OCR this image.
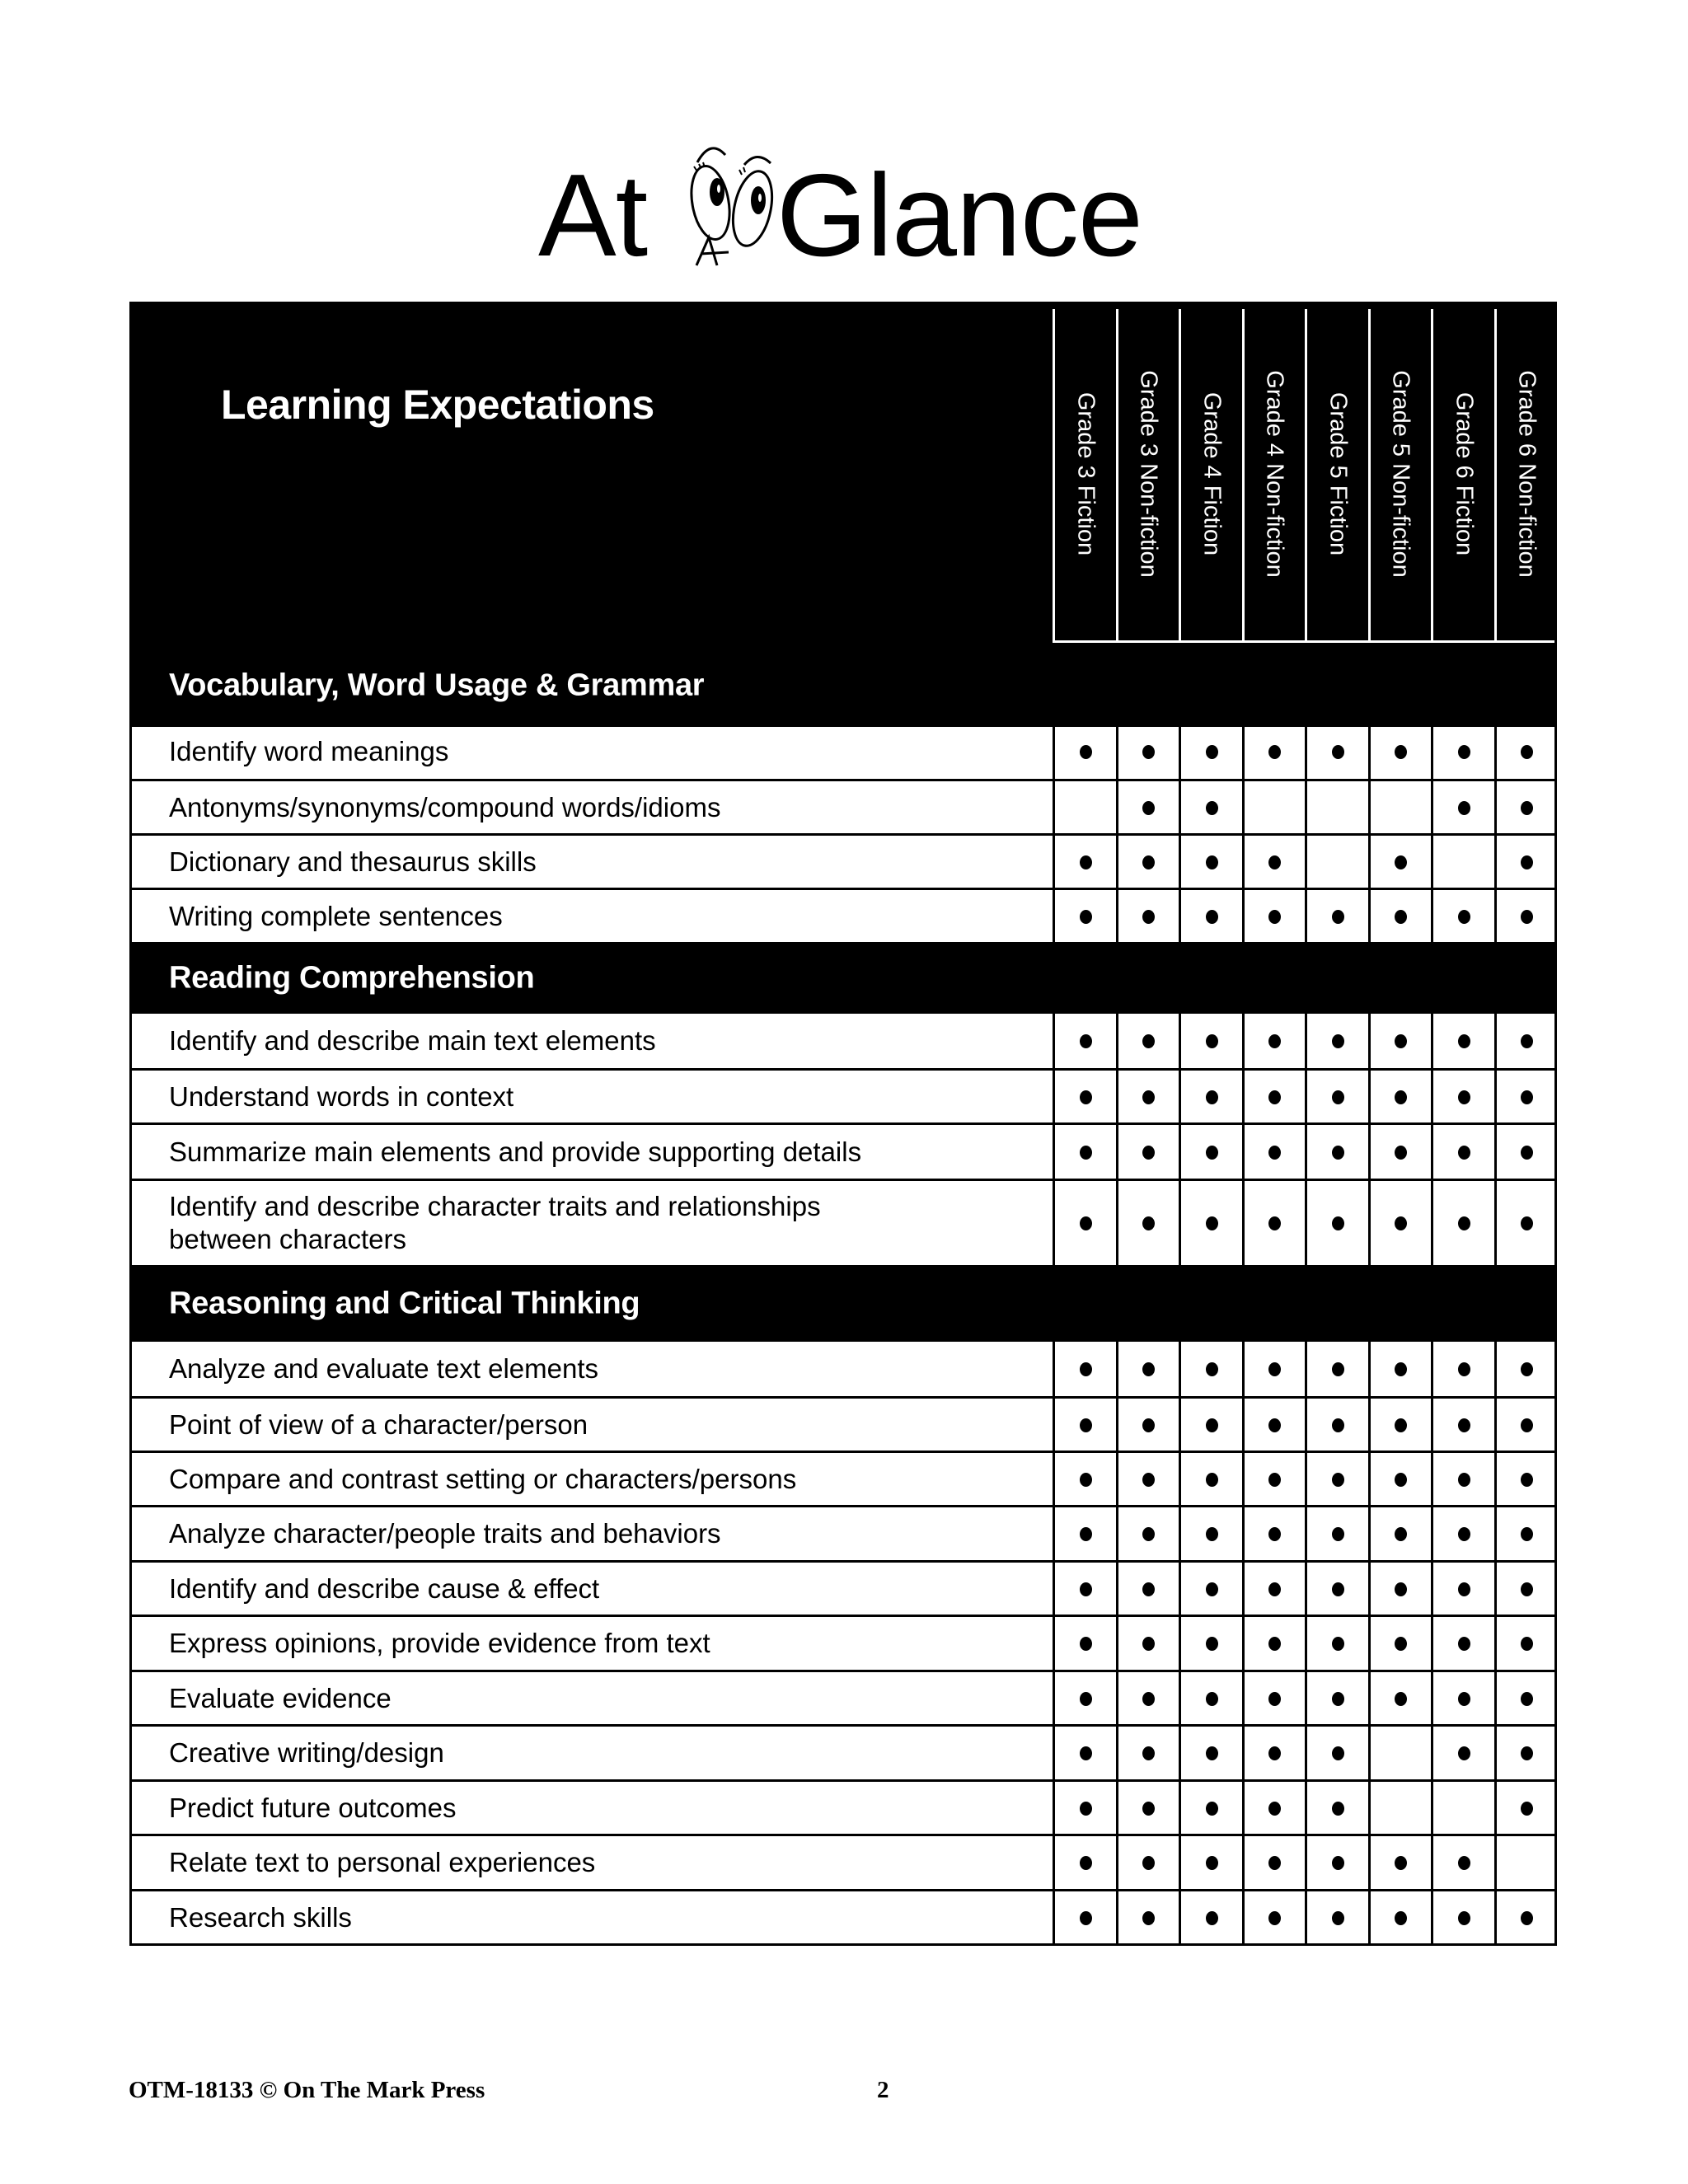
At Glance
Learning Expectations	Grade 3 Fiction Grade 3 Non-fiction Grade 4 Fiction Grade 4 Non-fiction Grade 5 Fiction Grade 5 Non-fiction Grade 6 Fiction Grade 6 Non-fiction
Vocabulary, Word Usage & Grammar
Identify word meanings
Antonyms/synonyms/compound words/idioms
Dictionary and thesaurus skills
Writing complete sentences
Reading Comprehension
Identify and describe main text elements
Understand words in context
Summarize main elements and provide supporting details
Identify and describe character traits and relationships between characters
Reasoning and Critical Thinking
Analyze and evaluate text elements
Point of view of a character/person
Compare and contrast setting or characters/persons
Analyze character/people traits and behaviors
Identify and describe cause & effect
Express opinions, provide evidence from text
Evaluate evidence
Creative writing/design
Predict future outcomes
Relate text to personal experiences
Research skills
OTM-18133 © On The Mark Press	2
